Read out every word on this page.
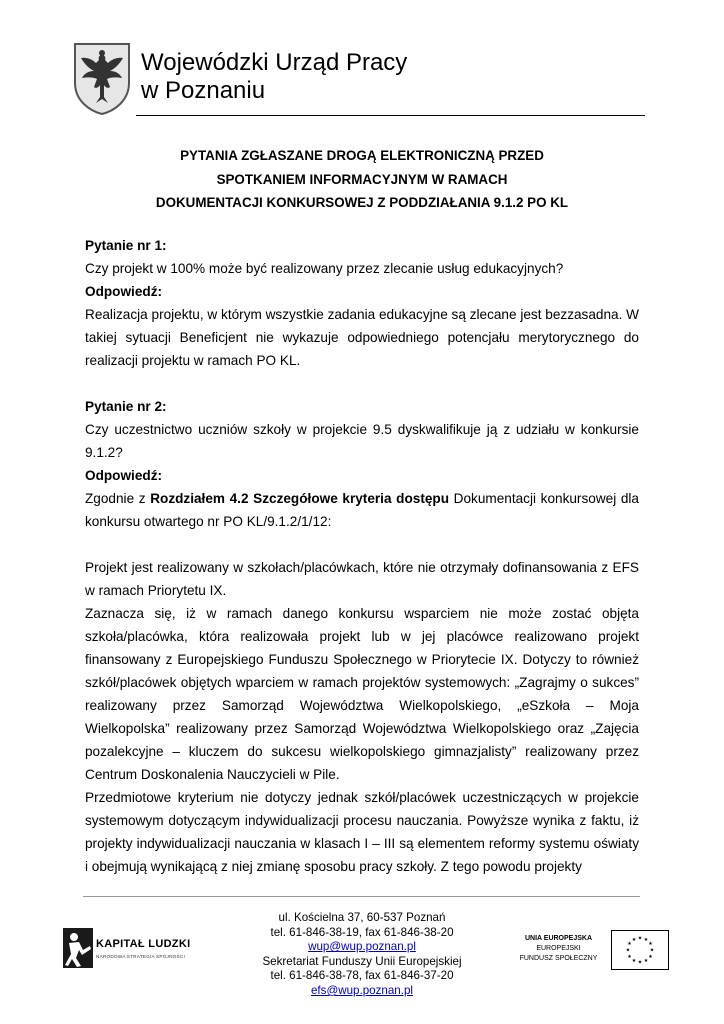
Wojewódzki Urząd Pracy
w Poznaniu
PYTANIA ZGŁASZANE DROGĄ ELEKTRONICZNĄ PRZED
SPOTKANIEM INFORMACYJNYM W RAMACH
DOKUMENTACJI KONKURSOWEJ Z PODDZIAŁANIA 9.1.2 PO KL

Pytanie nr 1:

Czy projekt w 100% może być realizowany przez zlecanie usług edukacyjnych?

Odpowiedź:

Realizacja projektu, w którym wszystkie zadania edukacyjne są zlecane jest bezzasadna. W takiej sytuacji Beneficjent nie wykazuje odpowiedniego potencjału merytorycznego do realizacji projektu w ramach PO KL.

Pytanie nr 2:

Czy uczestnictwo uczniów szkoły w projekcie 9.5 dyskwalifikuje ją z udziału w konkursie 9.1.2?

Odpowiedź:

Zgodnie z Rozdziałem 4.2 Szczegółowe kryteria dostępu Dokumentacji konkursowej dla konkursu otwartego nr PO KL/9.1.2/1/12:

Projekt jest realizowany w szkołach/placówkach, które nie otrzymały dofinansowania z EFS w ramach Priorytetu IX.

Zaznacza się, iż w ramach danego konkursu wsparciem nie może zostać objęta szkoła/placówka, która realizowała projekt lub w jej placówce realizowano projekt finansowany z Europejskiego Funduszu Społecznego w Priorytecie IX. Dotyczy to również szkół/placówek objętych wparciem w ramach projektów systemowych: „Zagrajmy o sukces” realizowany przez Samorząd Województwa Wielkopolskiego, „eSzkoła – Moja Wielkopolska” realizowany przez Samorząd Województwa Wielkopolskiego oraz „Zajęcia pozalekcyjne – kluczem do sukcesu wielkopolskiego gimnazjalisty” realizowany przez Centrum Doskonalenia Nauczycieli w Pile.

Przedmiotowe kryterium nie dotyczy jednak szkół/placówek uczestniczących w projekcie systemowym dotyczącym indywidualizacji procesu nauczania. Powyższe wynika z faktu, iż projekty indywidualizacji nauczania w klasach I – III są elementem reformy systemu oświaty i obejmują wynikającą z niej zmianę sposobu pracy szkoły. Z tego powodu projekty

KAPITAŁ LUDZKI
NARODOWA STRATEGIA SPÓJNOŚCI
ul. Kościelna 37, 60-537 Poznań
tel. 61-846-38-19, fax 61-846-38-20
wup@wup.poznan.pl
Sekretariat Funduszy Unii Europejskiej
tel. 61-846-38-78, fax 61-846-37-20
efs@wup.poznan.pl
UNIA EUROPEJSKA
EUROPEJSKI
FUNDUSZ SPOŁECZNY
★ ★
★
★
★
★
★
★
★
★
★
★
